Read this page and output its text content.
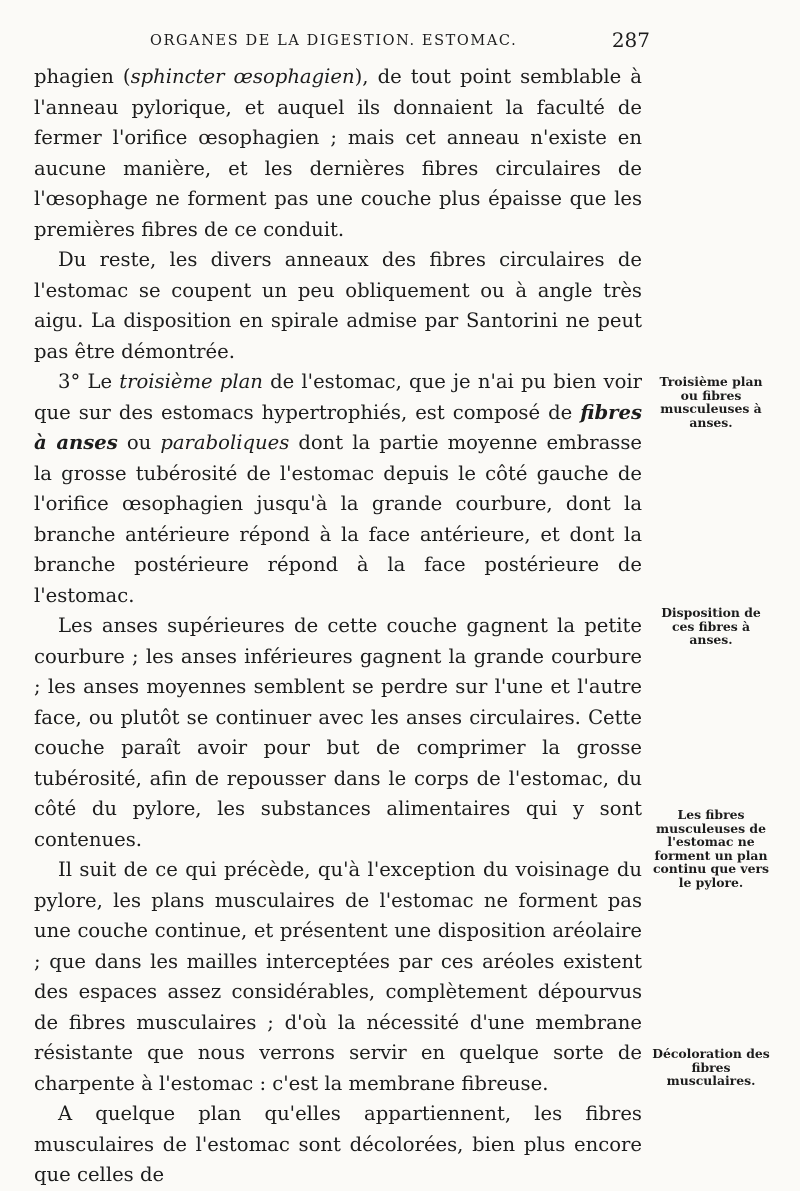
ORGANES DE LA DIGESTION. ESTOMAC.	287

phagien (sphincter œsophagien), de tout point semblable à l'anneau pylorique, et auquel ils donnaient la faculté de fermer l'orifice œsophagien ; mais cet anneau n'existe en aucune manière, et les dernières fibres circulaires de l'œsophage ne forment pas une couche plus épaisse que les premières fibres de ce conduit.

Du reste, les divers anneaux des fibres circulaires de l'estomac se coupent un peu obliquement ou à angle très aigu. La disposition en spirale admise par Santorini ne peut pas être démontrée.

3° Le troisième plan de l'estomac, que je n'ai pu bien voir que sur des estomacs hypertrophiés, est composé de fibres à anses ou paraboliques dont la partie moyenne embrasse la grosse tubérosité de l'estomac depuis le côté gauche de l'orifice œsophagien jusqu'à la grande courbure, dont la branche antérieure répond à la face antérieure, et dont la branche postérieure répond à la face postérieure de l'estomac.

Les anses supérieures de cette couche gagnent la petite courbure ; les anses inférieures gagnent la grande courbure ; les anses moyennes semblent se perdre sur l'une et l'autre face, ou plutôt se continuer avec les anses circulaires. Cette couche paraît avoir pour but de comprimer la grosse tubérosité, afin de repousser dans le corps de l'estomac, du côté du pylore, les substances alimentaires qui y sont contenues.

Il suit de ce qui précède, qu'à l'exception du voisinage du pylore, les plans musculaires de l'estomac ne forment pas une couche continue, et présentent une disposition aréolaire ; que dans les mailles interceptées par ces aréoles existent des espaces assez considérables, complètement dépourvus de fibres musculaires ; d'où la nécessité d'une membrane résistante que nous verrons servir en quelque sorte de charpente à l'estomac : c'est la membrane fibreuse.

A quelque plan qu'elles appartiennent, les fibres musculaires de l'estomac sont décolorées, bien plus encore que celles de

Troisième plan ou fibres musculeuses à anses.
Disposition de ces fibres à anses.
Les fibres musculeuses de l'estomac ne forment un plan continu que vers le pylore.
Décoloration des fibres musculaires.
